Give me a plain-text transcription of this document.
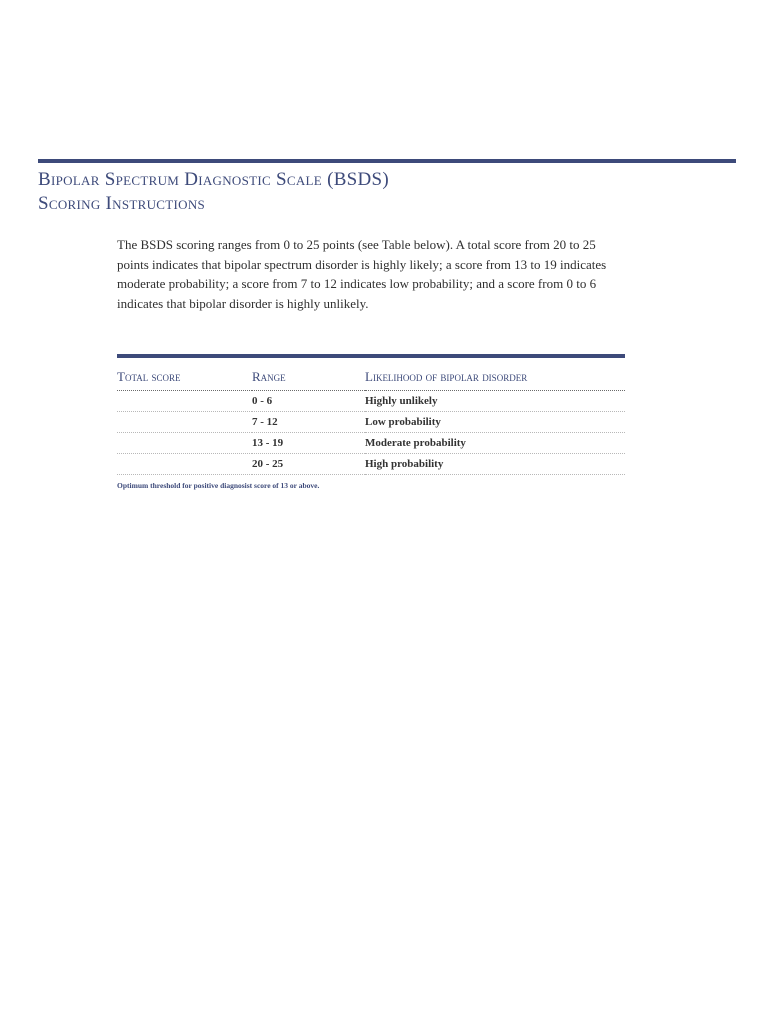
Bipolar Spectrum Diagnostic Scale (BSDS)
Scoring Instructions

The BSDS scoring ranges from 0 to 25 points (see Table below). A total score from 20 to 25 points indicates that bipolar spectrum disorder is highly likely; a score from 13 to 19 indicates moderate probability; a score from 7 to 12 indicates low probability; and a score from 0 to 6 indicates that bipolar disorder is highly unlikely.

Total score	Range	Likelihood of bipolar disorder
	0 - 6	Highly unlikely
	7 - 12	Low probability
	13 - 19	Moderate probability
	20 - 25	High probability

Optimum threshold for positive diagnosist score of 13 or above.
